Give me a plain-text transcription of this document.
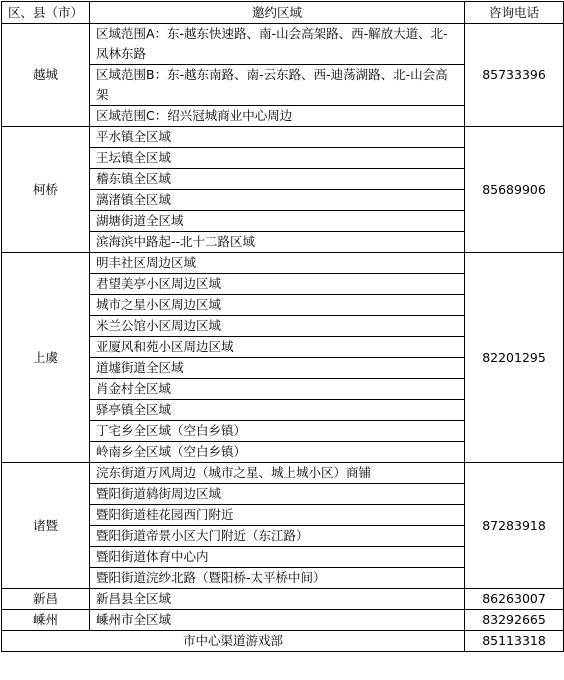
区、县（市）	邀约区域	咨询电话
越城	区域范围A：东-越东快速路、南-山会高架路、西-解放大道、北-凤林东路	85733396
	区域范围B：东-越东南路、南-云东路、西-迪荡湖路、北-山会高架	
	区域范围C：绍兴冠城商业中心周边	
柯桥	平水镇全区域	85689906
	王坛镇全区域	
	稽东镇全区域	
	漓渚镇全区域	
	湖塘街道全区域	
	滨海滨中路起--北十二路区域	
上虞	明丰社区周边区域	82201295
	君望美亭小区周边区域	
	城市之星小区周边区域	
	米兰公馆小区周边区域	
	亚厦风和苑小区周边区域	
	道墟街道全区域	
	肖金村全区域	
	驿亭镇全区域	
	丁宅乡全区域（空白乡镇）	
	岭南乡全区域（空白乡镇）	
诸暨	浣东街道万风周边（城市之星、城上城小区）商铺	87283918
	暨阳街道鸫街周边区域	
	暨阳街道桂花园西门附近	
	暨阳街道帝景小区大门附近（东江路）	
	暨阳街道体育中心内	
	暨阳街道浣纱北路（暨阳桥-太平桥中间）	
新昌	新昌县全区域	86263007
嵊州	嵊州市全区域	83292665
市中心渠道游戏部		85113318
